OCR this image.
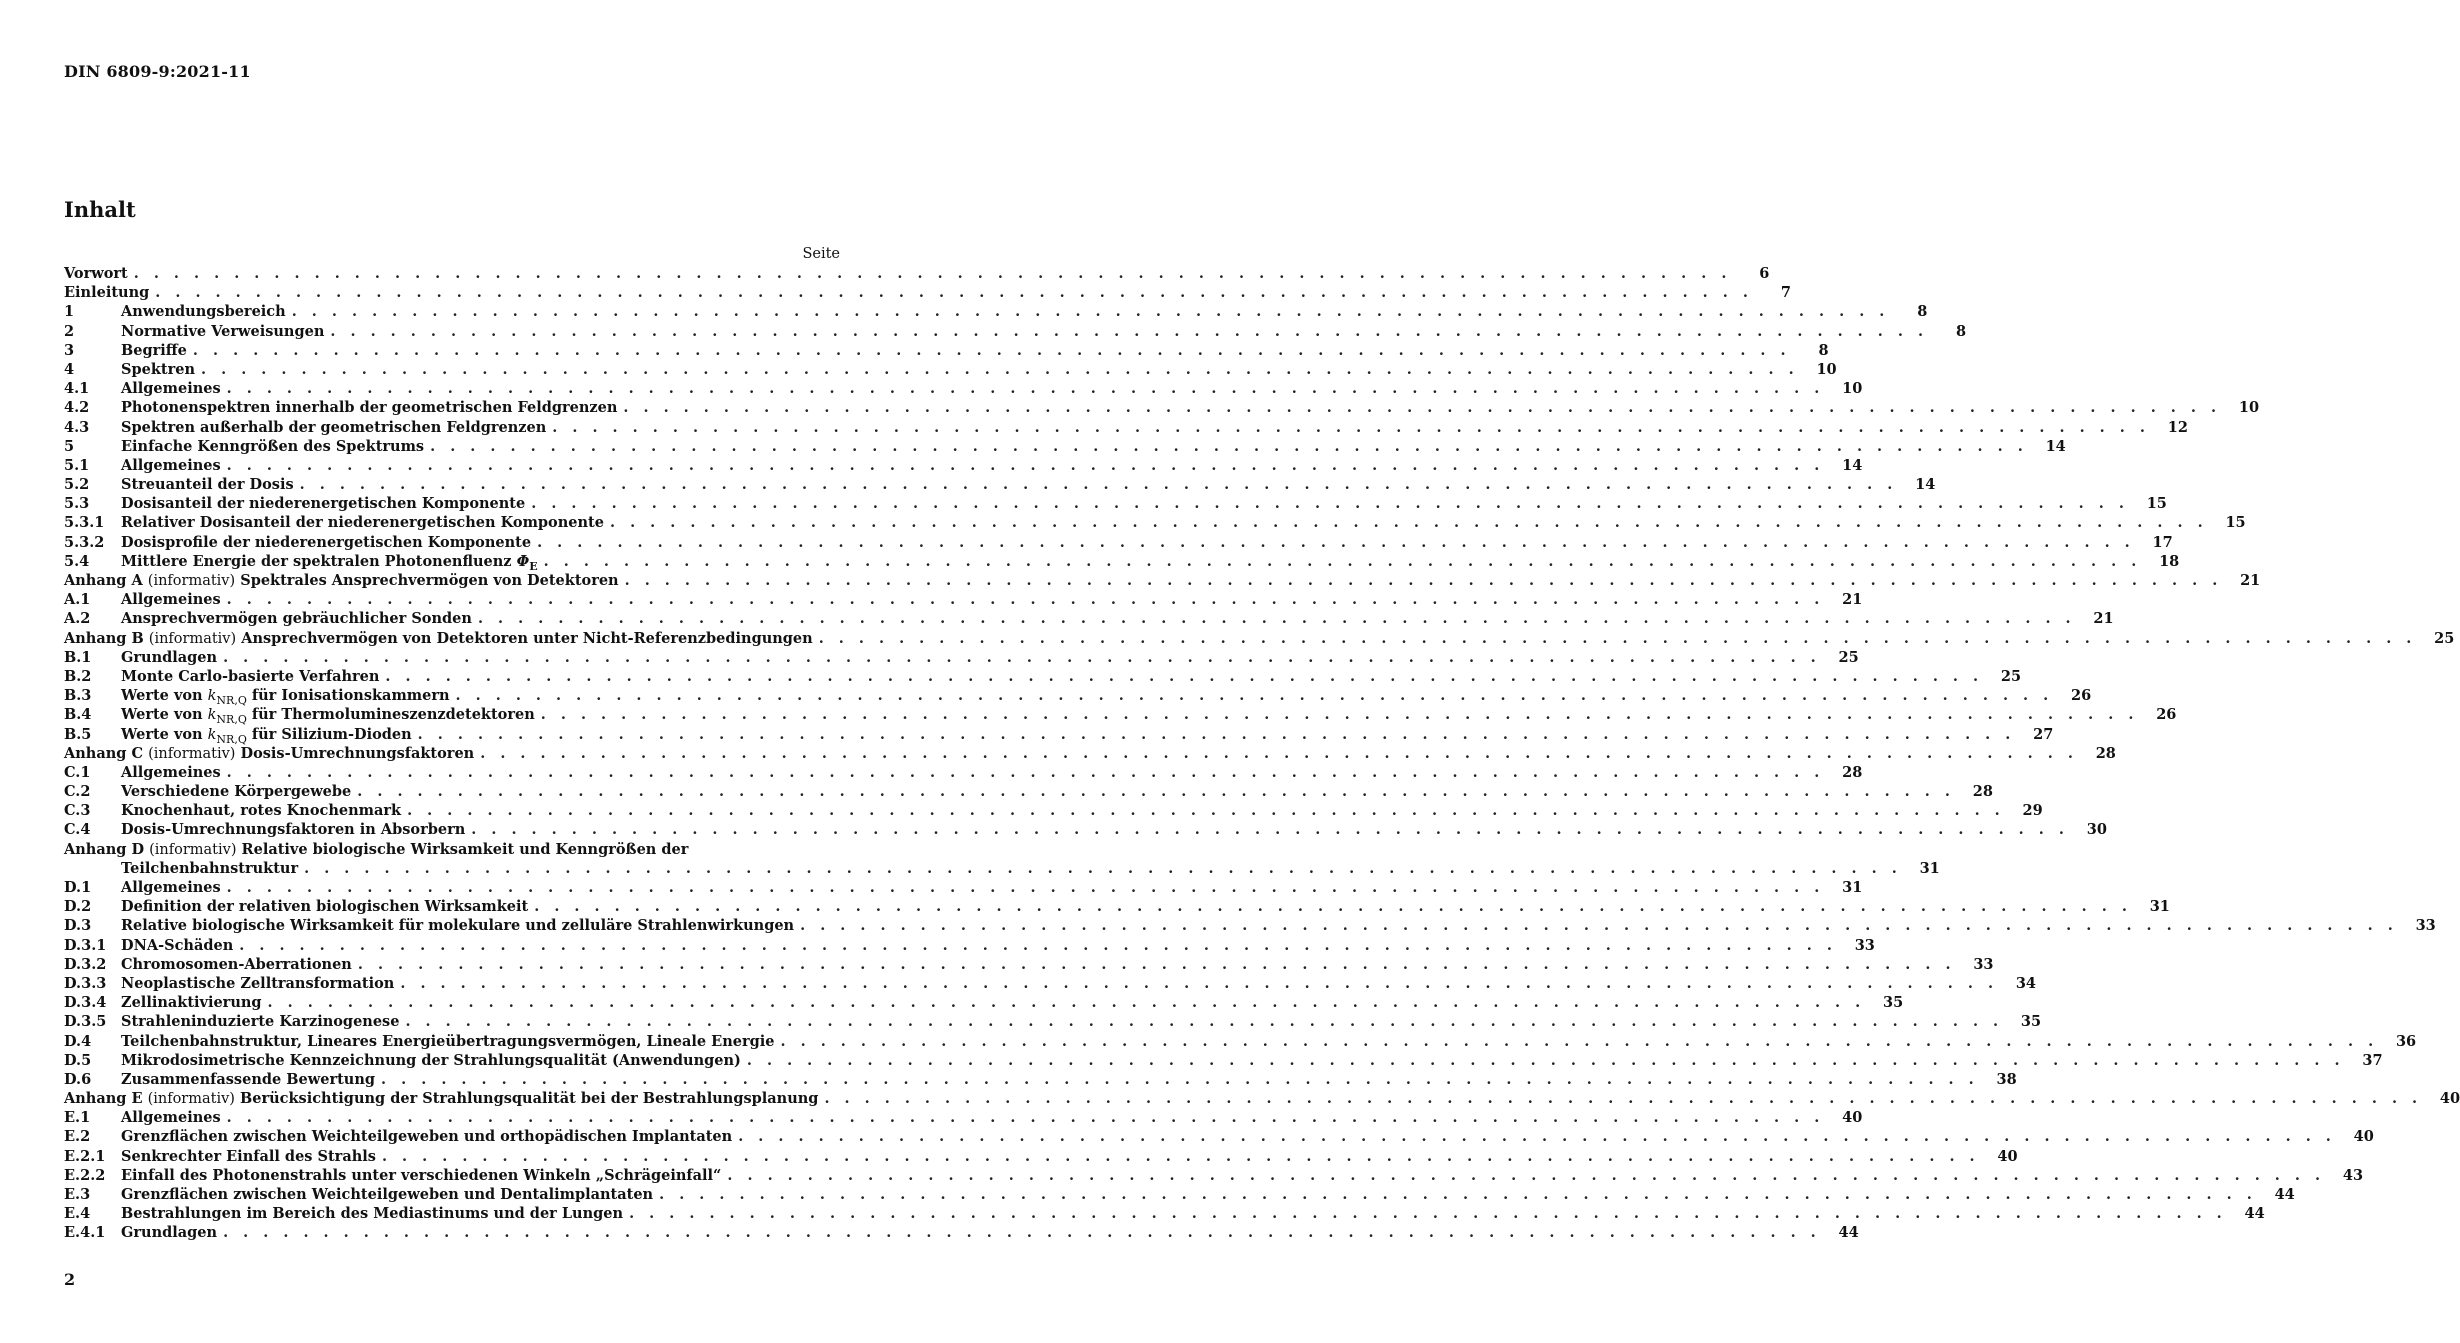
DIN 6809-9:2021-11
Inhalt
Seite
Vorwort . . . . . . . . . . . . . . . . . . . . . . . . . . . . . . . . . . . . . . . . . . . . . . . . . . . . . . . . . . . . . . . . . . . . . . . . . . . . . . . .	6
Einleitung . . . . . . . . . . . . . . . . . . . . . . . . . . . . . . . . . . . . . . . . . . . . . . . . . . . . . . . . . . . . . . . . . . . . . . . . . . . . . . . .	7
1	Anwendungsbereich . . . . . . . . . . . . . . . . . . . . . . . . . . . . . . . . . . . . . . . . . . . . . . . . . . . . . . . . . . . . . . . . . . . . . . . . . . . . . . . .	8
2	Normative Verweisungen . . . . . . . . . . . . . . . . . . . . . . . . . . . . . . . . . . . . . . . . . . . . . . . . . . . . . . . . . . . . . . . . . . . . . . . . . . . . . . . .	8
3	Begriffe . . . . . . . . . . . . . . . . . . . . . . . . . . . . . . . . . . . . . . . . . . . . . . . . . . . . . . . . . . . . . . . . . . . . . . . . . . . . . . . .	8
4	Spektren . . . . . . . . . . . . . . . . . . . . . . . . . . . . . . . . . . . . . . . . . . . . . . . . . . . . . . . . . . . . . . . . . . . . . . . . . . . . . . . .	10
4.1	Allgemeines . . . . . . . . . . . . . . . . . . . . . . . . . . . . . . . . . . . . . . . . . . . . . . . . . . . . . . . . . . . . . . . . . . . . . . . . . . . . . . . .	10
4.2	Photonenspektren innerhalb der geometrischen Feldgrenzen . . . . . . . . . . . . . . . . . . . . . . . . . . . . . . . . . . . . . . . . . . . . . . . . . . . . . . . . . . . . . . . . . . . . . . . . . . . . . . . .	10
4.3	Spektren außerhalb der geometrischen Feldgrenzen . . . . . . . . . . . . . . . . . . . . . . . . . . . . . . . . . . . . . . . . . . . . . . . . . . . . . . . . . . . . . . . . . . . . . . . . . . . . . . . .	12
5	Einfache Kenngrößen des Spektrums . . . . . . . . . . . . . . . . . . . . . . . . . . . . . . . . . . . . . . . . . . . . . . . . . . . . . . . . . . . . . . . . . . . . . . . . . . . . . . . .	14
5.1	Allgemeines . . . . . . . . . . . . . . . . . . . . . . . . . . . . . . . . . . . . . . . . . . . . . . . . . . . . . . . . . . . . . . . . . . . . . . . . . . . . . . . .	14
5.2	Streuanteil der Dosis . . . . . . . . . . . . . . . . . . . . . . . . . . . . . . . . . . . . . . . . . . . . . . . . . . . . . . . . . . . . . . . . . . . . . . . . . . . . . . . .	14
5.3	Dosisanteil der niederenergetischen Komponente . . . . . . . . . . . . . . . . . . . . . . . . . . . . . . . . . . . . . . . . . . . . . . . . . . . . . . . . . . . . . . . . . . . . . . . . . . . . . . . .	15
5.3.1	Relativer Dosisanteil der niederenergetischen Komponente . . . . . . . . . . . . . . . . . . . . . . . . . . . . . . . . . . . . . . . . . . . . . . . . . . . . . . . . . . . . . . . . . . . . . . . . . . . . . . . .	15
5.3.2	Dosisprofile der niederenergetischen Komponente . . . . . . . . . . . . . . . . . . . . . . . . . . . . . . . . . . . . . . . . . . . . . . . . . . . . . . . . . . . . . . . . . . . . . . . . . . . . . . . .	17
5.4	Mittlere Energie der spektralen Photonenfluenz $\Phi_E$ . . . . . . . . . . . . . . . . . . . . . . . . . . . . . . . . . . . . . . . . . . . . . . . . . . . . . . . . . . . . . . . . . . . . . . . . . . . . . . . .	18
Anhang A (informativ) Spektrales Ansprechvermögen von Detektoren . . . . . . . . . . . . . . . . . . . . . . . . . . . . . . . . . . . . . . . . . . . . . . . . . . . . . . . . . . . . . . . . . . . . . . . . . . . . . . . .	21
A.1	Allgemeines . . . . . . . . . . . . . . . . . . . . . . . . . . . . . . . . . . . . . . . . . . . . . . . . . . . . . . . . . . . . . . . . . . . . . . . . . . . . . . . .	21
A.2	Ansprechvermögen gebräuchlicher Sonden . . . . . . . . . . . . . . . . . . . . . . . . . . . . . . . . . . . . . . . . . . . . . . . . . . . . . . . . . . . . . . . . . . . . . . . . . . . . . . . .	21
Anhang B (informativ) Ansprechvermögen von Detektoren unter Nicht-Referenzbedingungen . . . . . . . . . . . . . . . . . . . . . . . . . . . . . . . . . . . . . . . . . . . . . . . . . . . . . . . . . . . . . . . . . . . . . . . . . . . . . . . .	25
B.1	Grundlagen . . . . . . . . . . . . . . . . . . . . . . . . . . . . . . . . . . . . . . . . . . . . . . . . . . . . . . . . . . . . . . . . . . . . . . . . . . . . . . . .	25
B.2	Monte Carlo-basierte Verfahren . . . . . . . . . . . . . . . . . . . . . . . . . . . . . . . . . . . . . . . . . . . . . . . . . . . . . . . . . . . . . . . . . . . . . . . . . . . . . . . .	25
B.3	Werte von $k_{NR,Q}$ für Ionisationskammern . . . . . . . . . . . . . . . . . . . . . . . . . . . . . . . . . . . . . . . . . . . . . . . . . . . . . . . . . . . . . . . . . . . . . . . . . . . . . . . .	26
B.4	Werte von $k_{NR,Q}$ für Thermolumineszenzdetektoren . . . . . . . . . . . . . . . . . . . . . . . . . . . . . . . . . . . . . . . . . . . . . . . . . . . . . . . . . . . . . . . . . . . . . . . . . . . . . . . .	26
B.5	Werte von $k_{NR,Q}$ für Silizium-Dioden . . . . . . . . . . . . . . . . . . . . . . . . . . . . . . . . . . . . . . . . . . . . . . . . . . . . . . . . . . . . . . . . . . . . . . . . . . . . . . . .	27
Anhang C (informativ) Dosis-Umrechnungsfaktoren . . . . . . . . . . . . . . . . . . . . . . . . . . . . . . . . . . . . . . . . . . . . . . . . . . . . . . . . . . . . . . . . . . . . . . . . . . . . . . . .	28
C.1	Allgemeines . . . . . . . . . . . . . . . . . . . . . . . . . . . . . . . . . . . . . . . . . . . . . . . . . . . . . . . . . . . . . . . . . . . . . . . . . . . . . . . .	28
C.2	Verschiedene Körpergewebe . . . . . . . . . . . . . . . . . . . . . . . . . . . . . . . . . . . . . . . . . . . . . . . . . . . . . . . . . . . . . . . . . . . . . . . . . . . . . . . .	28
C.3	Knochenhaut, rotes Knochenmark . . . . . . . . . . . . . . . . . . . . . . . . . . . . . . . . . . . . . . . . . . . . . . . . . . . . . . . . . . . . . . . . . . . . . . . . . . . . . . . .	29
C.4	Dosis-Umrechnungsfaktoren in Absorbern . . . . . . . . . . . . . . . . . . . . . . . . . . . . . . . . . . . . . . . . . . . . . . . . . . . . . . . . . . . . . . . . . . . . . . . . . . . . . . . .	30
Anhang D (informativ) Relative biologische Wirksamkeit und Kenngrößen der
Teilchenbahnstruktur . . . . . . . . . . . . . . . . . . . . . . . . . . . . . . . . . . . . . . . . . . . . . . . . . . . . . . . . . . . . . . . . . . . . . . . . . . . . . . . .	31
D.1	Allgemeines . . . . . . . . . . . . . . . . . . . . . . . . . . . . . . . . . . . . . . . . . . . . . . . . . . . . . . . . . . . . . . . . . . . . . . . . . . . . . . . .	31
D.2	Definition der relativen biologischen Wirksamkeit . . . . . . . . . . . . . . . . . . . . . . . . . . . . . . . . . . . . . . . . . . . . . . . . . . . . . . . . . . . . . . . . . . . . . . . . . . . . . . . .	31
D.3	Relative biologische Wirksamkeit für molekulare und zelluläre Strahlenwirkungen . . . . . . . . . . . . . . . . . . . . . . . . . . . . . . . . . . . . . . . . . . . . . . . . . . . . . . . . . . . . . . . . . . . . . . . . . . . . . . . .	33
D.3.1	DNA-Schäden . . . . . . . . . . . . . . . . . . . . . . . . . . . . . . . . . . . . . . . . . . . . . . . . . . . . . . . . . . . . . . . . . . . . . . . . . . . . . . . .	33
D.3.2	Chromosomen-Aberrationen . . . . . . . . . . . . . . . . . . . . . . . . . . . . . . . . . . . . . . . . . . . . . . . . . . . . . . . . . . . . . . . . . . . . . . . . . . . . . . . .	33
D.3.3	Neoplastische Zelltransformation . . . . . . . . . . . . . . . . . . . . . . . . . . . . . . . . . . . . . . . . . . . . . . . . . . . . . . . . . . . . . . . . . . . . . . . . . . . . . . . .	34
D.3.4	Zellinaktivierung . . . . . . . . . . . . . . . . . . . . . . . . . . . . . . . . . . . . . . . . . . . . . . . . . . . . . . . . . . . . . . . . . . . . . . . . . . . . . . . .	35
D.3.5	Strahleninduzierte Karzinogenese . . . . . . . . . . . . . . . . . . . . . . . . . . . . . . . . . . . . . . . . . . . . . . . . . . . . . . . . . . . . . . . . . . . . . . . . . . . . . . . .	35
D.4	Teilchenbahnstruktur, Lineares Energieübertragungsvermögen, Lineale Energie . . . . . . . . . . . . . . . . . . . . . . . . . . . . . . . . . . . . . . . . . . . . . . . . . . . . . . . . . . . . . . . . . . . . . . . . . . . . . . . .	36
D.5	Mikrodosimetrische Kennzeichnung der Strahlungsqualität (Anwendungen) . . . . . . . . . . . . . . . . . . . . . . . . . . . . . . . . . . . . . . . . . . . . . . . . . . . . . . . . . . . . . . . . . . . . . . . . . . . . . . . .	37
D.6	Zusammenfassende Bewertung . . . . . . . . . . . . . . . . . . . . . . . . . . . . . . . . . . . . . . . . . . . . . . . . . . . . . . . . . . . . . . . . . . . . . . . . . . . . . . . .	38
Anhang E (informativ) Berücksichtigung der Strahlungsqualität bei der Bestrahlungsplanung . . . . . . . . . . . . . . . . . . . . . . . . . . . . . . . . . . . . . . . . . . . . . . . . . . . . . . . . . . . . . . . . . . . . . . . . . . . . . . . .	40
E.1	Allgemeines . . . . . . . . . . . . . . . . . . . . . . . . . . . . . . . . . . . . . . . . . . . . . . . . . . . . . . . . . . . . . . . . . . . . . . . . . . . . . . . .	40
E.2	Grenzflächen zwischen Weichteilgeweben und orthopädischen Implantaten . . . . . . . . . . . . . . . . . . . . . . . . . . . . . . . . . . . . . . . . . . . . . . . . . . . . . . . . . . . . . . . . . . . . . . . . . . . . . . . .	40
E.2.1	Senkrechter Einfall des Strahls . . . . . . . . . . . . . . . . . . . . . . . . . . . . . . . . . . . . . . . . . . . . . . . . . . . . . . . . . . . . . . . . . . . . . . . . . . . . . . . .	40
E.2.2	Einfall des Photonenstrahls unter verschiedenen Winkeln „Schrägeinfall“ . . . . . . . . . . . . . . . . . . . . . . . . . . . . . . . . . . . . . . . . . . . . . . . . . . . . . . . . . . . . . . . . . . . . . . . . . . . . . . . .	43
E.3	Grenzflächen zwischen Weichteilgeweben und Dentalimplantaten . . . . . . . . . . . . . . . . . . . . . . . . . . . . . . . . . . . . . . . . . . . . . . . . . . . . . . . . . . . . . . . . . . . . . . . . . . . . . . . .	44
E.4	Bestrahlungen im Bereich des Mediastinums und der Lungen . . . . . . . . . . . . . . . . . . . . . . . . . . . . . . . . . . . . . . . . . . . . . . . . . . . . . . . . . . . . . . . . . . . . . . . . . . . . . . . .	44
E.4.1	Grundlagen . . . . . . . . . . . . . . . . . . . . . . . . . . . . . . . . . . . . . . . . . . . . . . . . . . . . . . . . . . . . . . . . . . . . . . . . . . . . . . . .	44
2
